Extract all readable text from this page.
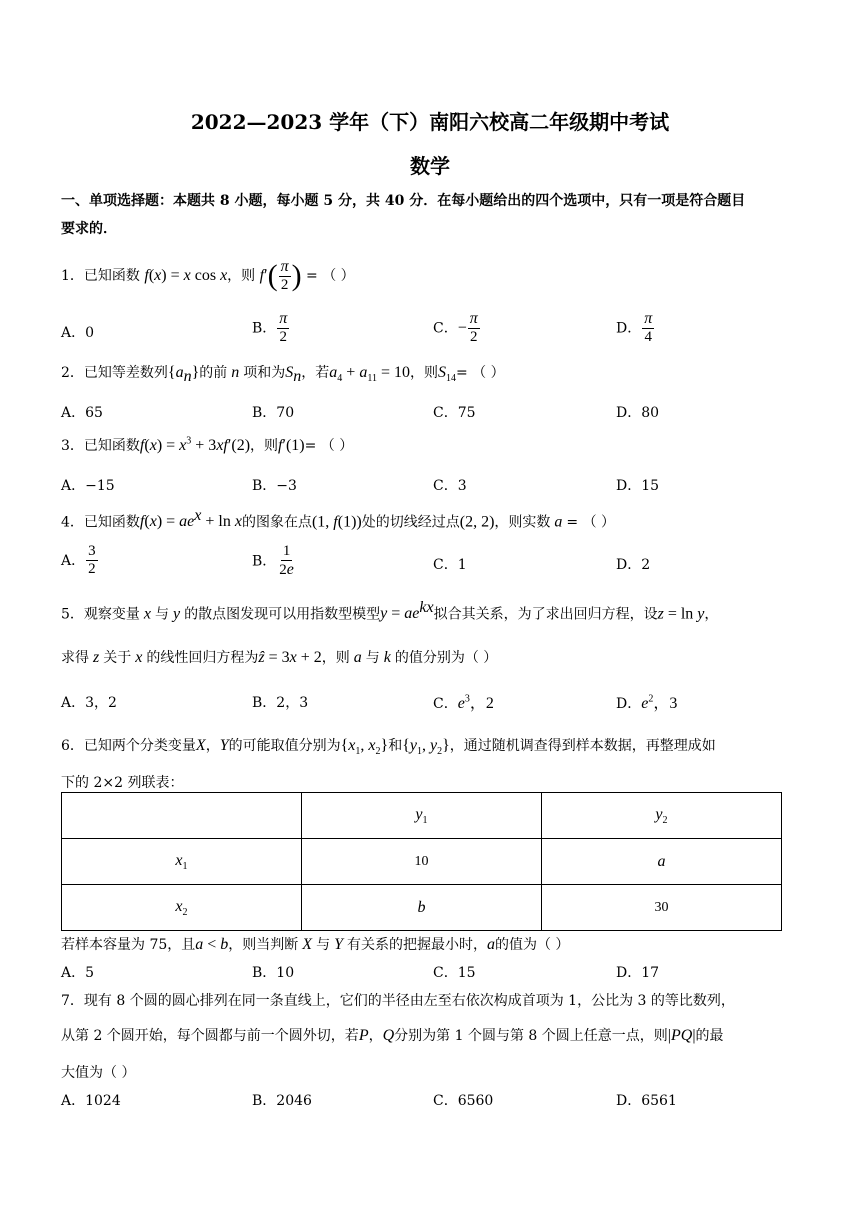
2022—2023 学年（下）南阳六校高二年级期中考试
数学
一、单项选择题：本题共 8 小题，每小题 5 分，共 40 分．在每小题给出的四个选项中，只有一项是符合题目
要求的．
1．已知函数 f(x) = x cos x，则 $f'( \frac{\pi}{2}$ ) = （ ）
A．0	B． $\frac{\pi}{2}$	C．− $\frac{\pi}{2}$	D． $\frac{\pi}{4}$
2．已知等差数列$\{a_n\}$的前 n 项和为$S_n$，若$a_4 + a_{11} = 10$，则$S_{14}=$ （ ）
A．65	B．70	C．75	D．80
3．已知函数$f(x) = x^3 + 3xf'(2)$，则f′(1)= （ ）
A．−15	B．−3	C．3	D．15
4．已知函数$f(x) = ae^x + \ln x$的图象在点(1, f(1))处的切线经过点(2, 2)，则实数 a = （ ）
A． $\frac{3}{2}$	B． $\frac{1}{2e}$	C．1	D．2
5．观察变量 x 与 y 的散点图发现可以用指数型模型$y = ae^{kx}$拟合其关系，为了求出回归方程，设z = ln y，
求得 z 关于 x 的线性回归方程为ẑ = 3x + 2，则 a 与 k 的值分别为（ ）
A．3，2	B．2，3	C．$e^3$，2	D．$e^2$，3
6．已知两个分类变量X，Y的可能取值分别为{$x_1$, $x_2$}和{$y_1$, $y_2$}，通过随机调查得到样本数据，再整理成如
下的 2×2 列联表：
	$y_1$	$y_2$
$x_1$	10	a
$x_2$	b	30
若样本容量为 75，且a < b，则当判断 X 与 Y 有关系的把握最小时，a的值为（ ）
A．5	B．10	C．15	D．17
7．现有 8 个圆的圆心排列在同一条直线上，它们的半径由左至右依次构成首项为 1，公比为 3 的等比数列，
从第 2 个圆开始，每个圆都与前一个圆外切，若P，Q分别为第 1 个圆与第 8 个圆上任意一点，则|PQ|的最
大值为（ ）
A．1024	B．2046	C．6560	D．6561
